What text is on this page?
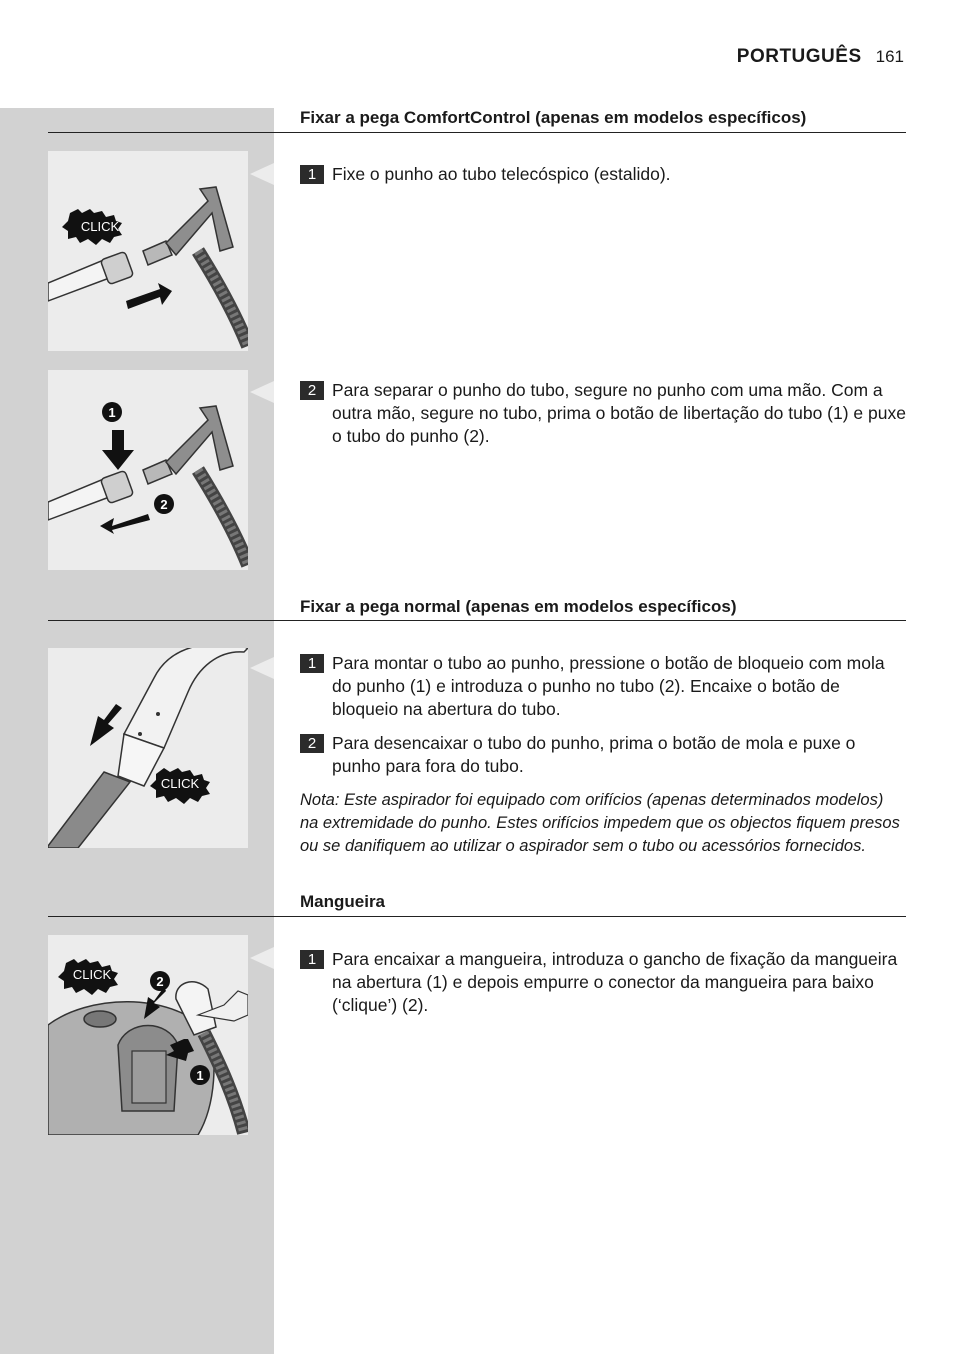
PORTUGUÊS 161
Fixar a pega ComfortControl (apenas em modelos específicos)
CLICK
1 Fixe o punho ao tubo telecóspico (estalido).
1
2
2 Para separar o punho do tubo, segure no punho com uma mão. Com a outra mão, segure no tubo, prima o botão de libertação do tubo (1) e puxe o tubo do punho (2).
Fixar a pega normal (apenas em modelos específicos)
CLICK
1 Para montar o tubo ao punho, pressione o botão de bloqueio com mola do punho (1) e introduza o punho no tubo (2). Encaixe o botão de bloqueio na abertura do tubo.
2 Para desencaixar o tubo do punho, prima o botão de mola e puxe o punho para fora do tubo.
Nota: Este aspirador foi equipado com orifícios (apenas determinados modelos) na extremidade do punho. Estes orifícios impedem que os objectos fiquem presos ou se danifiquem ao utilizar o aspirador sem o tubo ou acessórios fornecidos.
Mangueira
CLICK	2
1
1 Para encaixar a mangueira, introduza o gancho de fixação da mangueira na abertura (1) e depois empurre o conector da mangueira para baixo (‘clique’) (2).
